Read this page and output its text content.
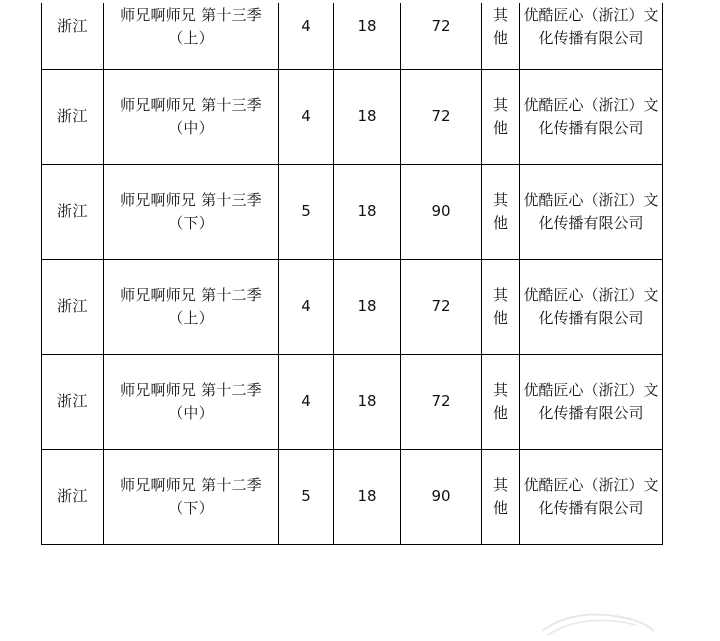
浙江	师兄啊师兄 第十三季（上）	4	18	72	其他	优酷匠心（浙江）文化传播有限公司
浙江	师兄啊师兄 第十三季（中）	4	18	72	其他	优酷匠心（浙江）文化传播有限公司
浙江	师兄啊师兄 第十三季（下）	5	18	90	其他	优酷匠心（浙江）文化传播有限公司
浙江	师兄啊师兄 第十二季（上）	4	18	72	其他	优酷匠心（浙江）文化传播有限公司
浙江	师兄啊师兄 第十二季（中）	4	18	72	其他	优酷匠心（浙江）文化传播有限公司
浙江	师兄啊师兄 第十二季（下）	5	18	90	其他	优酷匠心（浙江）文化传播有限公司
